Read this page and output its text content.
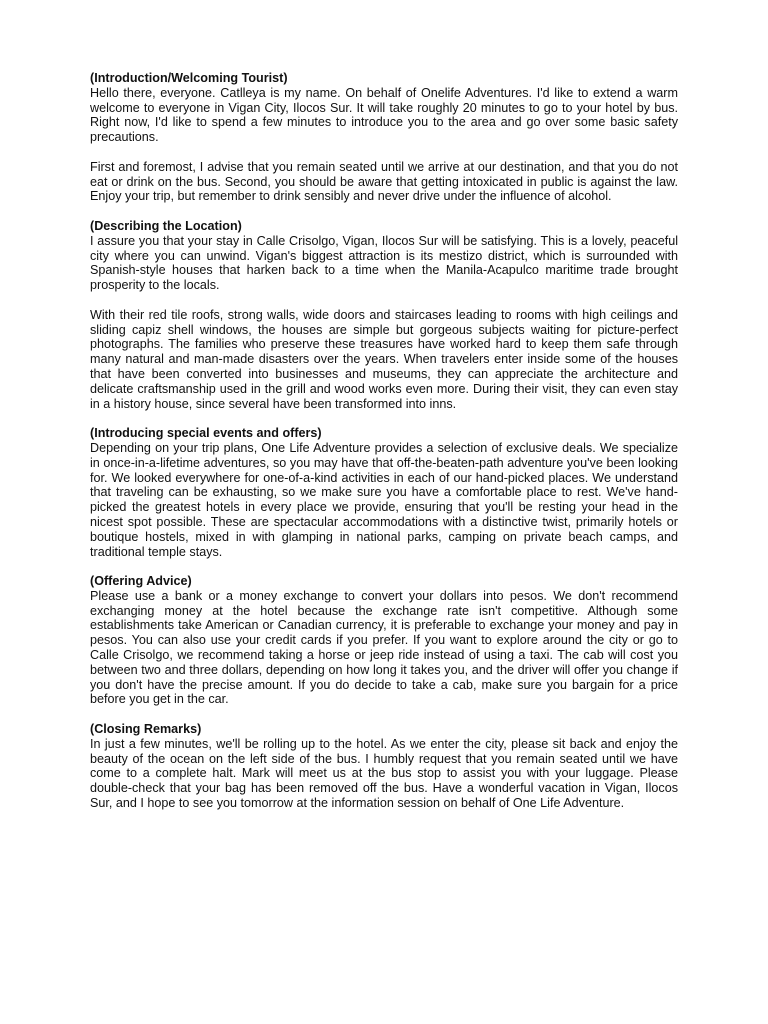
(Introduction/Welcoming Tourist)

Hello there, everyone. Catlleya is my name. On behalf of Onelife Adventures. I'd like to extend a warm welcome to everyone in Vigan City, Ilocos Sur. It will take roughly 20 minutes to go to your hotel by bus. Right now, I'd like to spend a few minutes to introduce you to the area and go over some basic safety precautions.

First and foremost, I advise that you remain seated until we arrive at our destination, and that you do not eat or drink on the bus. Second, you should be aware that getting intoxicated in public is against the law. Enjoy your trip, but remember to drink sensibly and never drive under the influence of alcohol.

(Describing the Location)

I assure you that your stay in Calle Crisolgo, Vigan, Ilocos Sur will be satisfying. This is a lovely, peaceful city where you can unwind. Vigan's biggest attraction is its mestizo district, which is surrounded with Spanish-style houses that harken back to a time when the Manila-Acapulco maritime trade brought prosperity to the locals.

With their red tile roofs, strong walls, wide doors and staircases leading to rooms with high ceilings and sliding capiz shell windows, the houses are simple but gorgeous subjects waiting for picture-perfect photographs. The families who preserve these treasures have worked hard to keep them safe through many natural and man-made disasters over the years. When travelers enter inside some of the houses that have been converted into businesses and museums, they can appreciate the architecture and delicate craftsmanship used in the grill and wood works even more. During their visit, they can even stay in a history house, since several have been transformed into inns.

(Introducing special events and offers)

Depending on your trip plans, One Life Adventure provides a selection of exclusive deals. We specialize in once-in-a-lifetime adventures, so you may have that off-the-beaten-path adventure you've been looking for. We looked everywhere for one-of-a-kind activities in each of our hand-picked places. We understand that traveling can be exhausting, so we make sure you have a comfortable place to rest. We've hand-picked the greatest hotels in every place we provide, ensuring that you'll be resting your head in the nicest spot possible. These are spectacular accommodations with a distinctive twist, primarily hotels or boutique hostels, mixed in with glamping in national parks, camping on private beach camps, and traditional temple stays.

(Offering Advice)

Please use a bank or a money exchange to convert your dollars into pesos. We don't recommend exchanging money at the hotel because the exchange rate isn't competitive. Although some establishments take American or Canadian currency, it is preferable to exchange your money and pay in pesos. You can also use your credit cards if you prefer. If you want to explore around the city or go to Calle Crisolgo, we recommend taking a horse or jeep ride instead of using a taxi. The cab will cost you between two and three dollars, depending on how long it takes you, and the driver will offer you change if you don't have the precise amount. If you do decide to take a cab, make sure you bargain for a price before you get in the car.

(Closing Remarks)

In just a few minutes, we'll be rolling up to the hotel. As we enter the city, please sit back and enjoy the beauty of the ocean on the left side of the bus. I humbly request that you remain seated until we have come to a complete halt. Mark will meet us at the bus stop to assist you with your luggage. Please double-check that your bag has been removed off the bus. Have a wonderful vacation in Vigan, Ilocos Sur, and I hope to see you tomorrow at the information session on behalf of One Life Adventure.
